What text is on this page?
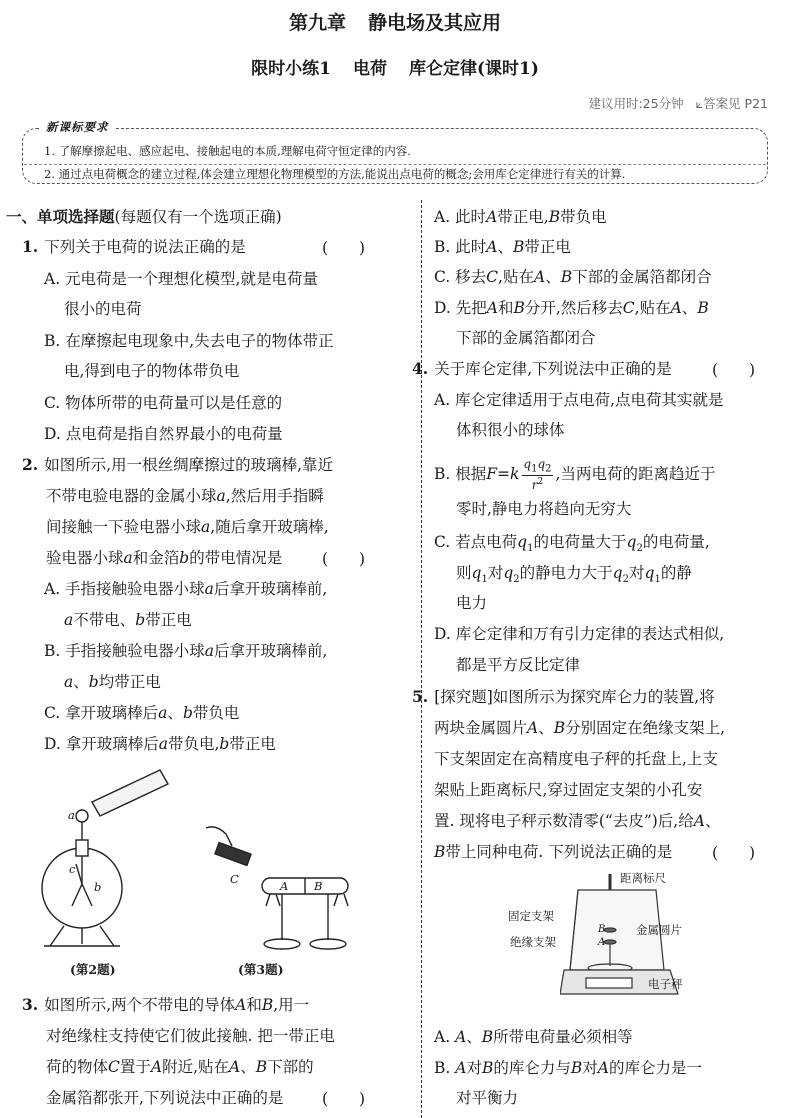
第九章 静电场及其应用
限时小练1 电荷 库仑定律(课时1)
建议用时:25分钟 ⟀答案见 P21
新课标要求
1. 了解摩擦起电、感应起电、接触起电的本质,理解电荷守恒定律的内容.
2. 通过点电荷概念的建立过程,体会建立理想化物理模型的方法,能说出点电荷的概念;会用库仑定律进行有关的计算.
一、单项选择题(每题仅有一个选项正确)
1. 下列关于电荷的说法正确的是	(　　)
A. 元电荷是一个理想化模型,就是电荷量
很小的电荷
B. 在摩擦起电现象中,失去电子的物体带正
电,得到电子的物体带负电
C. 物体所带的电荷量可以是任意的
D. 点电荷是指自然界最小的电荷量
2. 如图所示,用一根丝绸摩擦过的玻璃棒,靠近
不带电验电器的金属小球a,然后用手指瞬
间接触一下验电器小球a,随后拿开玻璃棒,
验电器小球a和金箔b的带电情况是	(　　)
A. 手指接触验电器小球a后拿开玻璃棒前,
a不带电、b带正电
B. 手指接触验电器小球a后拿开玻璃棒前,
a、b均带正电
C. 拿开玻璃棒后a、b带负电
D. 拿开玻璃棒后a带负电,b带正电
a
c
b
(第2题)
C	A B
(第3题)
3. 如图所示,两个不带电的导体A和B,用一
对绝缘柱支持使它们彼此接触. 把一带正电
荷的物体C置于A附近,贴在A、B下部的
金属箔都张开,下列说法中正确的是 (　　)
A. 此时A带正电,B带负电
B. 此时A、B带正电
C. 移去C,贴在A、B下部的金属箔都闭合
D. 先把A和B分开,然后移去C,贴在A、B
下部的金属箔都闭合
4. 关于库仑定律,下列说法中正确的是	(　　)
A. 库仑定律适用于点电荷,点电荷其实就是
体积很小的球体
B. 根据$F=k \frac{q_1q_2}{r^2}$ ,当两电荷的距离趋近于
零时,静电力将趋向无穷大
C. 若点电荷$q_1$的电荷量大于$q_2$的电荷量,
则$q_1$对$q_2$的静电力大于$q_2$对$q_1$的静
电力
D. 库仑定律和万有引力定律的表达式相似,
都是平方反比定律
5. [探究题]如图所示为探究库仑力的装置,将
两块金属圆片A、B分别固定在绝缘支架上,
下支架固定在高精度电子秤的托盘上,上支
架贴上距离标尺,穿过固定支架的小孔安
置. 现将电子秤示数清零(“去皮”)后,给A、
B带上同种电荷. 下列说法正确的是	(　　)
距离标尺
固定支架
金属圆片
绝缘支架
B
A
电子秤
A. A、B所带电荷量必须相等
B. A对B的库仑力与B对A的库仑力是一
对平衡力
